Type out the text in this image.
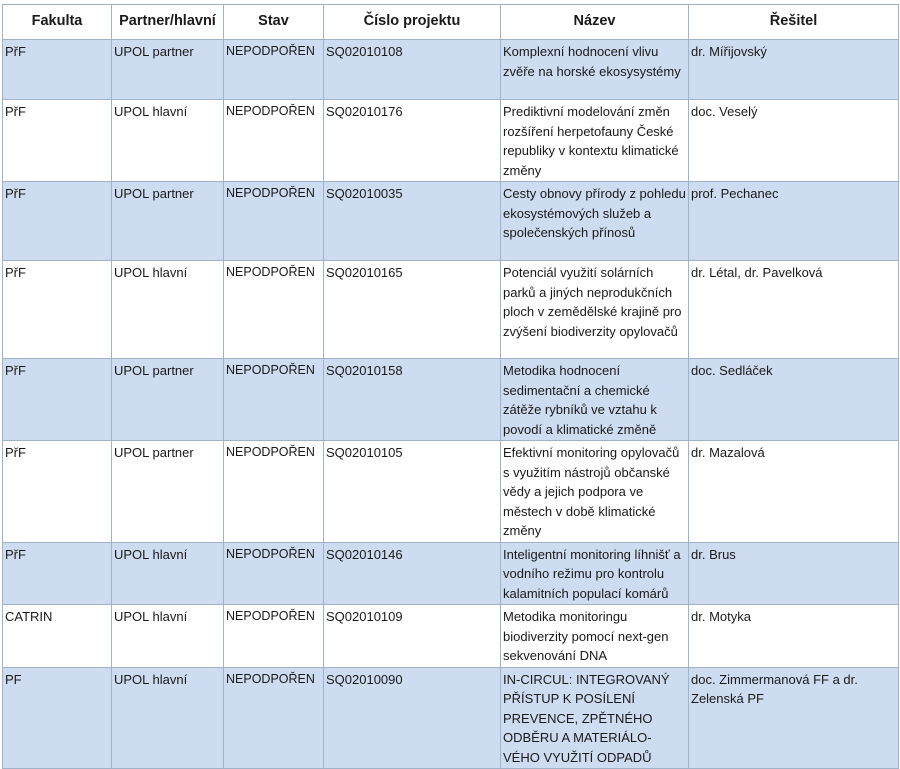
Fakulta	Partner/hlavní	Stav	Číslo projektu	Název	Řešitel
PřF	UPOL partner	NEPODPOŘEN	SQ02010108	Komplexní hodnocení vlivu zvěře na horské ekosysystémy	dr. Mířijovský
PřF	UPOL hlavní	NEPODPOŘEN	SQ02010176	Prediktivní modelování změn rozšíření herpetofauny České republiky v kontextu klimatické změny	doc. Veselý
PřF	UPOL partner	NEPODPOŘEN	SQ02010035	Cesty obnovy přírody z pohledu ekosystémových služeb a společenských přínosů	prof. Pechanec
PřF	UPOL hlavní	NEPODPOŘEN	SQ02010165	Potenciál využití solárních parků a jiných neprodukčních ploch v zemědělské krajině pro zvýšení biodiverzity opylovačů	dr. Létal, dr. Pavelková
PřF	UPOL partner	NEPODPOŘEN	SQ02010158	Metodika hodnocení sedimentační a chemické zátěže rybníků ve vztahu k povodí a klimatické změně	doc. Sedláček
PřF	UPOL partner	NEPODPOŘEN	SQ02010105	Efektivní monitoring opylovačů s využitím nástrojů občanské vědy a jejich podpora ve městech v době klimatické změny	dr. Mazalová
PřF	UPOL hlavní	NEPODPOŘEN	SQ02010146	Inteligentní monitoring líhnišť a vodního režimu pro kontrolu kalamitních populací komárů	dr. Brus
CATRIN	UPOL hlavní	NEPODPOŘEN	SQ02010109	Metodika monitoringu biodiverzity pomocí next-gen sekvenování DNA	dr. Motyka
PF	UPOL hlavní	NEPODPOŘEN	SQ02010090	IN-CIRCUL: INTEGROVANÝ PŘÍSTUP K POSÍLENÍ PREVENCE, ZPĚTNÉHO ODBĚRU A MATERIÁLO-VÉHO VYUŽITÍ ODPADŮ	doc. Zimmermanová FF a dr. Zelenská PF
